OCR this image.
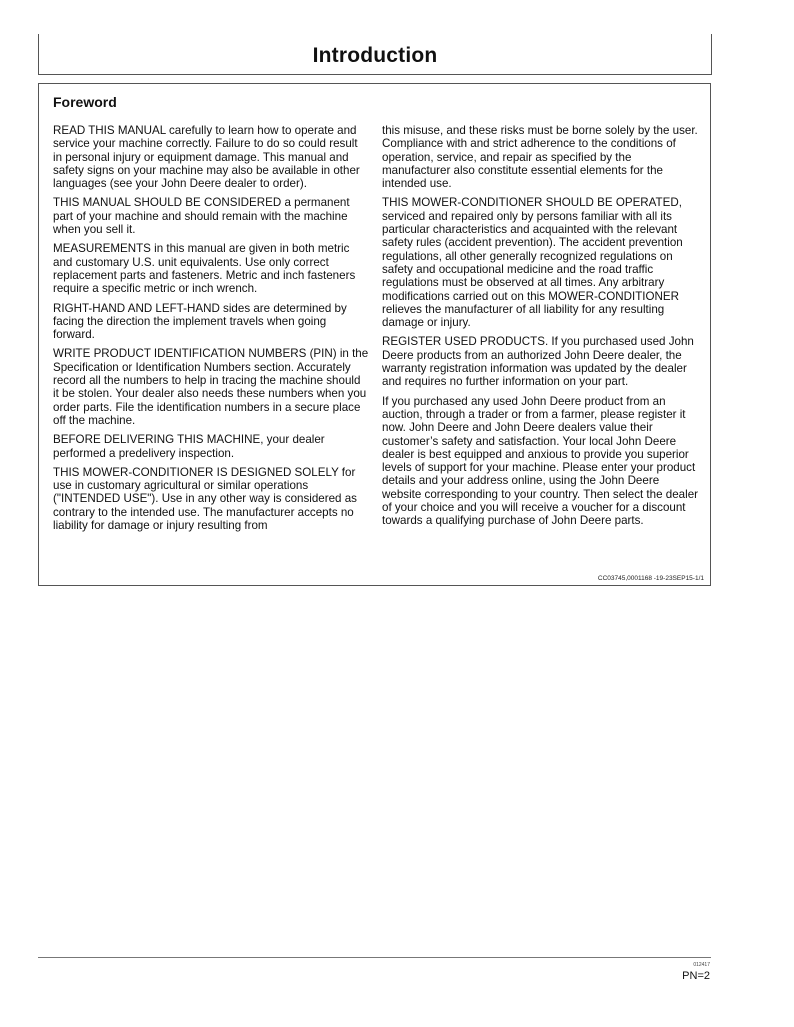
Introduction
Foreword

READ THIS MANUAL carefully to learn how to operate and service your machine correctly. Failure to do so could result in personal injury or equipment damage. This manual and safety signs on your machine may also be available in other languages (see your John Deere dealer to order).

THIS MANUAL SHOULD BE CONSIDERED a permanent part of your machine and should remain with the machine when you sell it.

MEASUREMENTS in this manual are given in both metric and customary U.S. unit equivalents. Use only correct replacement parts and fasteners. Metric and inch fasteners require a specific metric or inch wrench.

RIGHT-HAND AND LEFT-HAND sides are determined by facing the direction the implement travels when going forward.

WRITE PRODUCT IDENTIFICATION NUMBERS (PIN) in the Specification or Identification Numbers section. Accurately record all the numbers to help in tracing the machine should it be stolen. Your dealer also needs these numbers when you order parts. File the identification numbers in a secure place off the machine.

BEFORE DELIVERING THIS MACHINE, your dealer performed a predelivery inspection.

THIS MOWER-CONDITIONER IS DESIGNED SOLELY for use in customary agricultural or similar operations ("INTENDED USE"). Use in any other way is considered as contrary to the intended use. The manufacturer accepts no liability for damage or injury resulting from

this misuse, and these risks must be borne solely by the user. Compliance with and strict adherence to the conditions of operation, service, and repair as specified by the manufacturer also constitute essential elements for the intended use.

THIS MOWER-CONDITIONER SHOULD BE OPERATED, serviced and repaired only by persons familiar with all its particular characteristics and acquainted with the relevant safety rules (accident prevention). The accident prevention regulations, all other generally recognized regulations on safety and occupational medicine and the road traffic regulations must be observed at all times. Any arbitrary modifications carried out on this MOWER-CONDITIONER relieves the manufacturer of all liability for any resulting damage or injury.

REGISTER USED PRODUCTS. If you purchased used John Deere products from an authorized John Deere dealer, the warranty registration information was updated by the dealer and requires no further information on your part.

If you purchased any used John Deere product from an auction, through a trader or from a farmer, please register it now. John Deere and John Deere dealers value their customer’s safety and satisfaction. Your local John Deere dealer is best equipped and anxious to provide you superior levels of support for your machine. Please enter your product details and your address online, using the John Deere website corresponding to your country. Then select the dealer of your choice and you will receive a voucher for a discount towards a qualifying purchase of John Deere parts.

CC03745,0001168 -19-23SEP15-1/1
012417
PN=2
